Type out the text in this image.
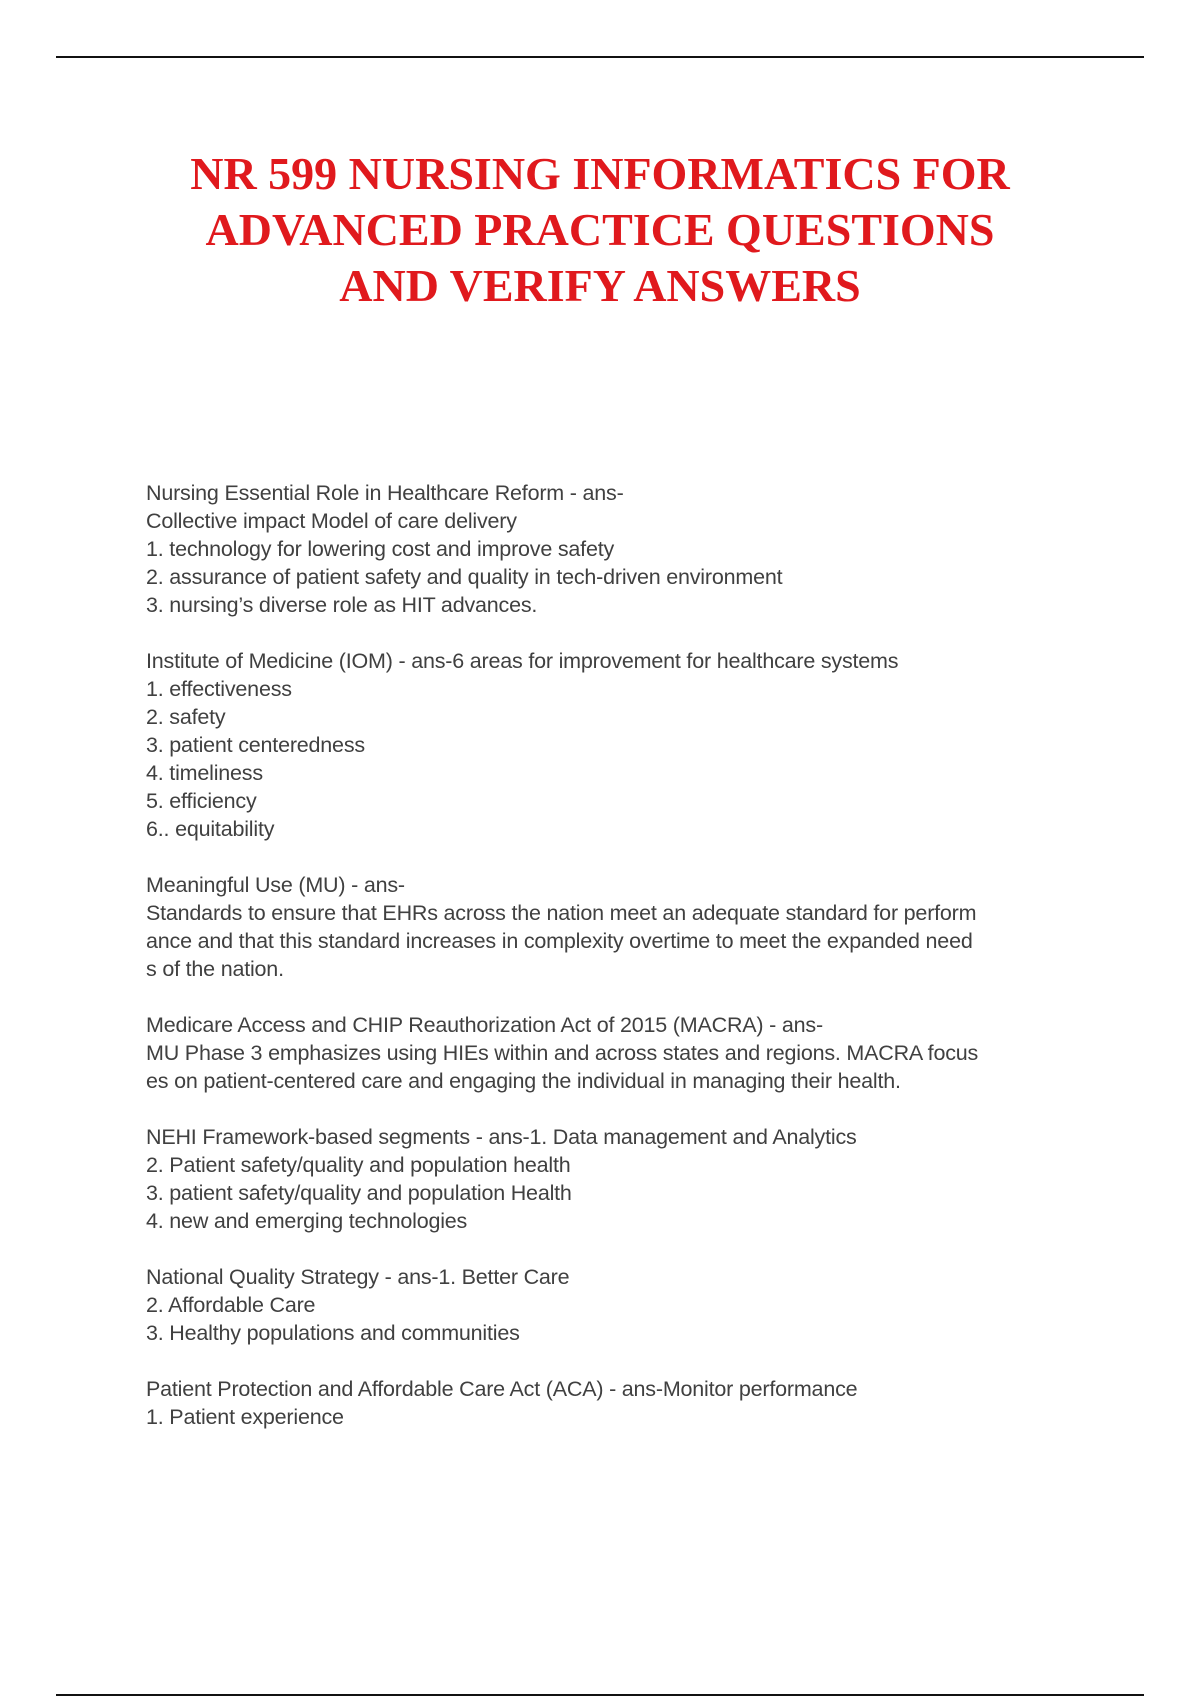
NR 599 NURSING INFORMATICS FOR
ADVANCED PRACTICE QUESTIONS
AND VERIFY ANSWERS
Nursing Essential Role in Healthcare Reform - ans-
Collective impact Model of care delivery
1. technology for lowering cost and improve safety
2. assurance of patient safety and quality in tech-driven environment
3. nursing’s diverse role as HIT advances.
Institute of Medicine (IOM) - ans-6 areas for improvement for healthcare systems
1. effectiveness
2. safety
3. patient centeredness
4. timeliness
5. efficiency
6.. equitability
Meaningful Use (MU) - ans-
Standards to ensure that EHRs across the nation meet an adequate standard for perform
ance and that this standard increases in complexity overtime to meet the expanded need
s of the nation.
Medicare Access and CHIP Reauthorization Act of 2015 (MACRA) - ans-
MU Phase 3 emphasizes using HIEs within and across states and regions. MACRA focus
es on patient-centered care and engaging the individual in managing their health.
NEHI Framework-based segments - ans-1. Data management and Analytics
2. Patient safety/quality and population health
3. patient safety/quality and population Health
4. new and emerging technologies
National Quality Strategy - ans-1. Better Care
2. Affordable Care
3. Healthy populations and communities
Patient Protection and Affordable Care Act (ACA) - ans-Monitor performance
1. Patient experience
